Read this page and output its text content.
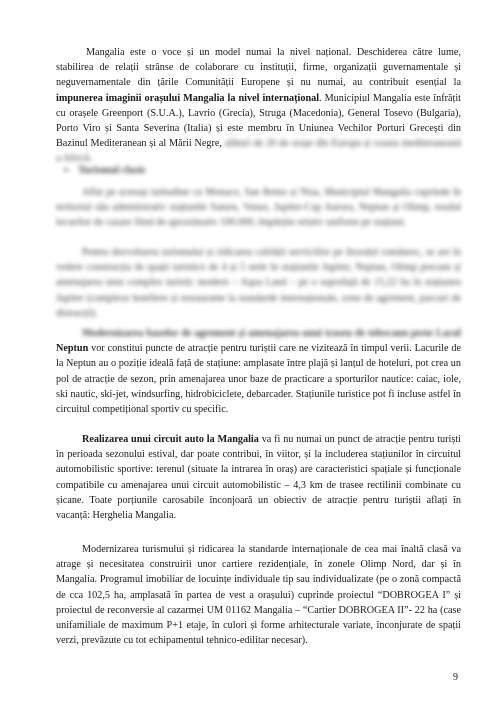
Mangalia este o voce și un model numai la nivel național. Deschiderea către lume, stabilirea de relații strânse de colaborare cu instituții, firme, organizații guvernamentale și neguvernamentale din țările Comunității Europene și nu numai, au contribuit esențial la impunerea imaginii orașului Mangalia la nivel internațional. Municipiul Mangalia este înfrățit cu orașele Greenport (S.U.A.), Lavrio (Grecia), Struga (Macedonia), General Tosevo (Bulgaria), Porto Viro și Santa Severina (Italia) și este membru în Uniunea Vechilor Porturi Grecești din Bazinul Mediteranean și al Mării Negre, alături de 20 de orașe din Europa și coasta mediteraneană a Africii.

➢ Turismul clasic

Aflat pe aceeași latitudine cu Monaco, San Remo și Nisa, Municipiul Mangalia cuprinde în teritoriul său administrativ stațiunile Saturn, Venus, Jupiter-Cap Aurora, Neptun și Olimp, totalul locurilor de cazare fiind de aproximativ 100.000, împărțite relativ uniform pe stațiuni.

Pentru dezvoltarea turismului și ridicarea calității serviciilor pe litoralul românesc, se are în vedere construcția de spații turistice de 4 și 5 stele în stațiunile Jupiter, Neptun, Olimp precum și amenajarea unui complex turistic modern – Aqua Land – pe o suprafață de 15,22 ha în stațiunea Jupiter (complexe hoteliere și restaurante la standarde internaționale, zone de agrement, parcuri de distracții).

Modernizarea bazelor de agrement și amenajarea unui traseu de telescaun peste Lacul Neptun vor constitui puncte de atracție pentru turiștii care ne vizitează în timpul verii. Lacurile de la Neptun au o poziție ideală față de stațiune: amplasate între plajă și lanțul de hoteluri, pot crea un pol de atracție de sezon, prin amenajarea unor baze de practicare a sporturilor nautice: caiac, iole, ski nautic, ski-jet, windsurfing, hidrobiciclete, debarcader. Stațiunile turistice pot fi incluse astfel în circuitul competițional sportiv cu specific.

Realizarea unui circuit auto la Mangalia va fi nu numai un punct de atracție pentru turiști în perioada sezonului estival, dar poate contribui, în viitor, și la includerea stațiunilor în circuitul automobilistic sportive: terenul (situate la intrarea în oraș) are caracteristici spațiale și funcționale compatibile cu amenajarea unui circuit automobilistic – 4,3 km de trasee rectilinii combinate cu șicane. Toate porțiunile carosabile înconjoară un obiectiv de atracție pentru turiștii aflați în vacanță: Herghelia Mangalia.

Modernizarea turismului și ridicarea la standarde internaționale de cea mai înaltă clasă va atrage și necesitatea construirii unor cartiere rezidențiale, în zonele Olimp Nord, dar și în Mangalia. Programul imobiliar de locuințe individuale tip sau individualizate (pe o zonă compactă de cca 102,5 ha, amplasată în partea de vest a orașului) cuprinde proiectul “DOBROGEA I” și proiectul de reconversie al cazarmei UM 01162 Mangalia – “Cartier DOBROGEA II”- 22 ha (case unifamiliale de maximum P+1 etaje, în culori și forme arhitecturale variate, înconjurate de spații verzi, prevăzute cu tot echipamentul tehnico-edilitar necesar).

9
